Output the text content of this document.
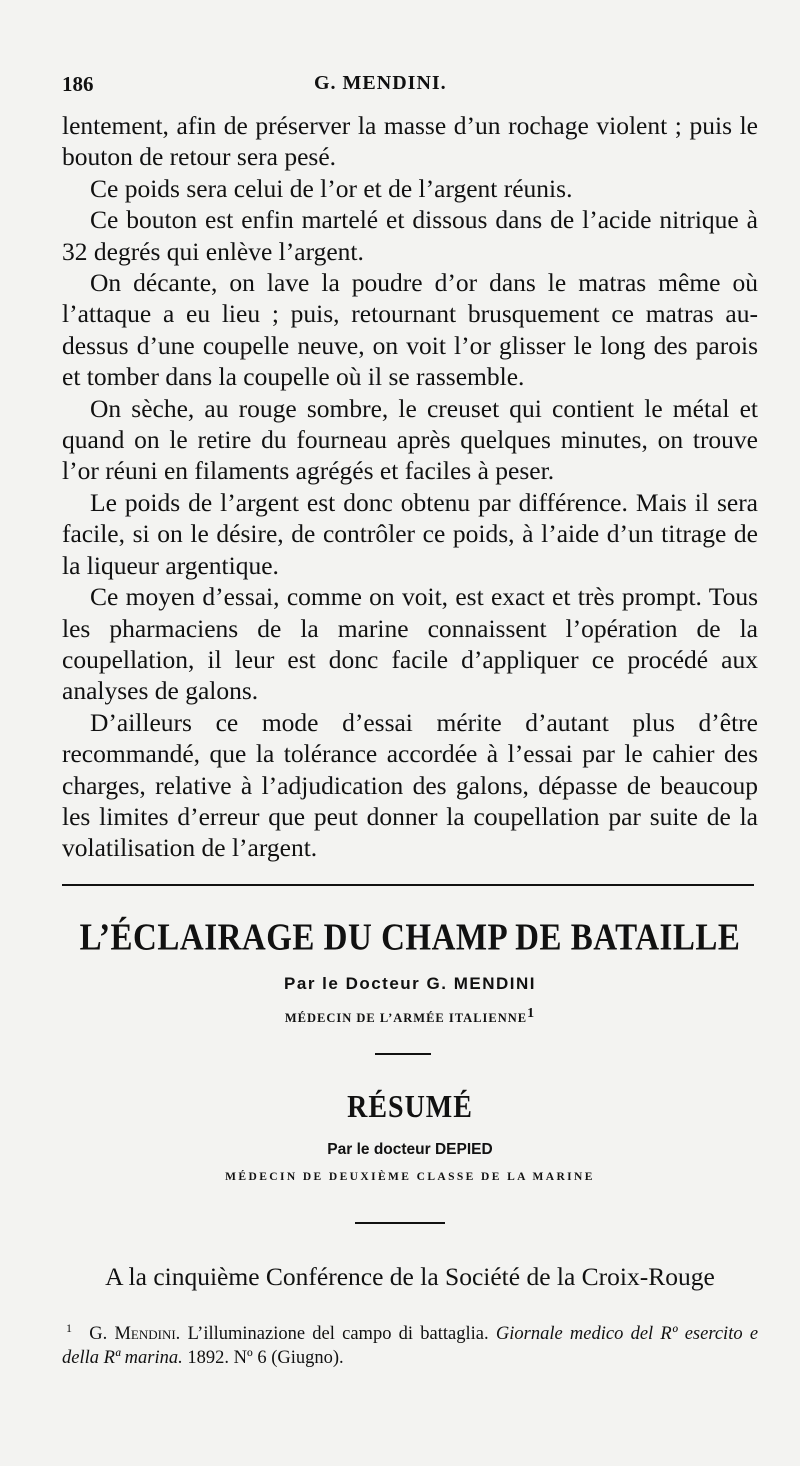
186	G. MENDINI.

lentement, afin de préserver la masse d’un rochage violent ; puis le bouton de retour sera pesé.

Ce poids sera celui de l’or et de l’argent réunis.

Ce bouton est enfin martelé et dissous dans de l’acide nitrique à 32 degrés qui enlève l’argent.

On décante, on lave la poudre d’or dans le matras même où l’attaque a eu lieu ; puis, retournant brusquement ce matras au-dessus d’une coupelle neuve, on voit l’or glisser le long des parois et tomber dans la coupelle où il se rassemble.

On sèche, au rouge sombre, le creuset qui contient le métal et quand on le retire du fourneau après quelques minutes, on trouve l’or réuni en filaments agrégés et faciles à peser.

Le poids de l’argent est donc obtenu par différence. Mais il sera facile, si on le désire, de contrôler ce poids, à l’aide d’un titrage de la liqueur argentique.

Ce moyen d’essai, comme on voit, est exact et très prompt. Tous les pharmaciens de la marine connaissent l’opération de la coupellation, il leur est donc facile d’appliquer ce procédé aux analyses de galons.

D’ailleurs ce mode d’essai mérite d’autant plus d’être recommandé, que la tolérance accordée à l’essai par le cahier des charges, relative à l’adjudication des galons, dépasse de beaucoup les limites d’erreur que peut donner la coupellation par suite de la volatilisation de l’argent.

L’ÉCLAIRAGE DU CHAMP DE BATAILLE
Par le Docteur G. MENDINI
MÉDECIN DE L’ARMÉE ITALIENNE1
RÉSUMÉ
Par le docteur DEPIED
MÉDECIN DE DEUXIÈME CLASSE DE LA MARINE
A la cinquième Conférence de la Société de la Croix-Rouge
$^1$ G. Mendini. L’illuminazione del campo di battaglia. Giornale medico del Rº esercito e della Rª marina. 1892. Nº 6 (Giugno).
